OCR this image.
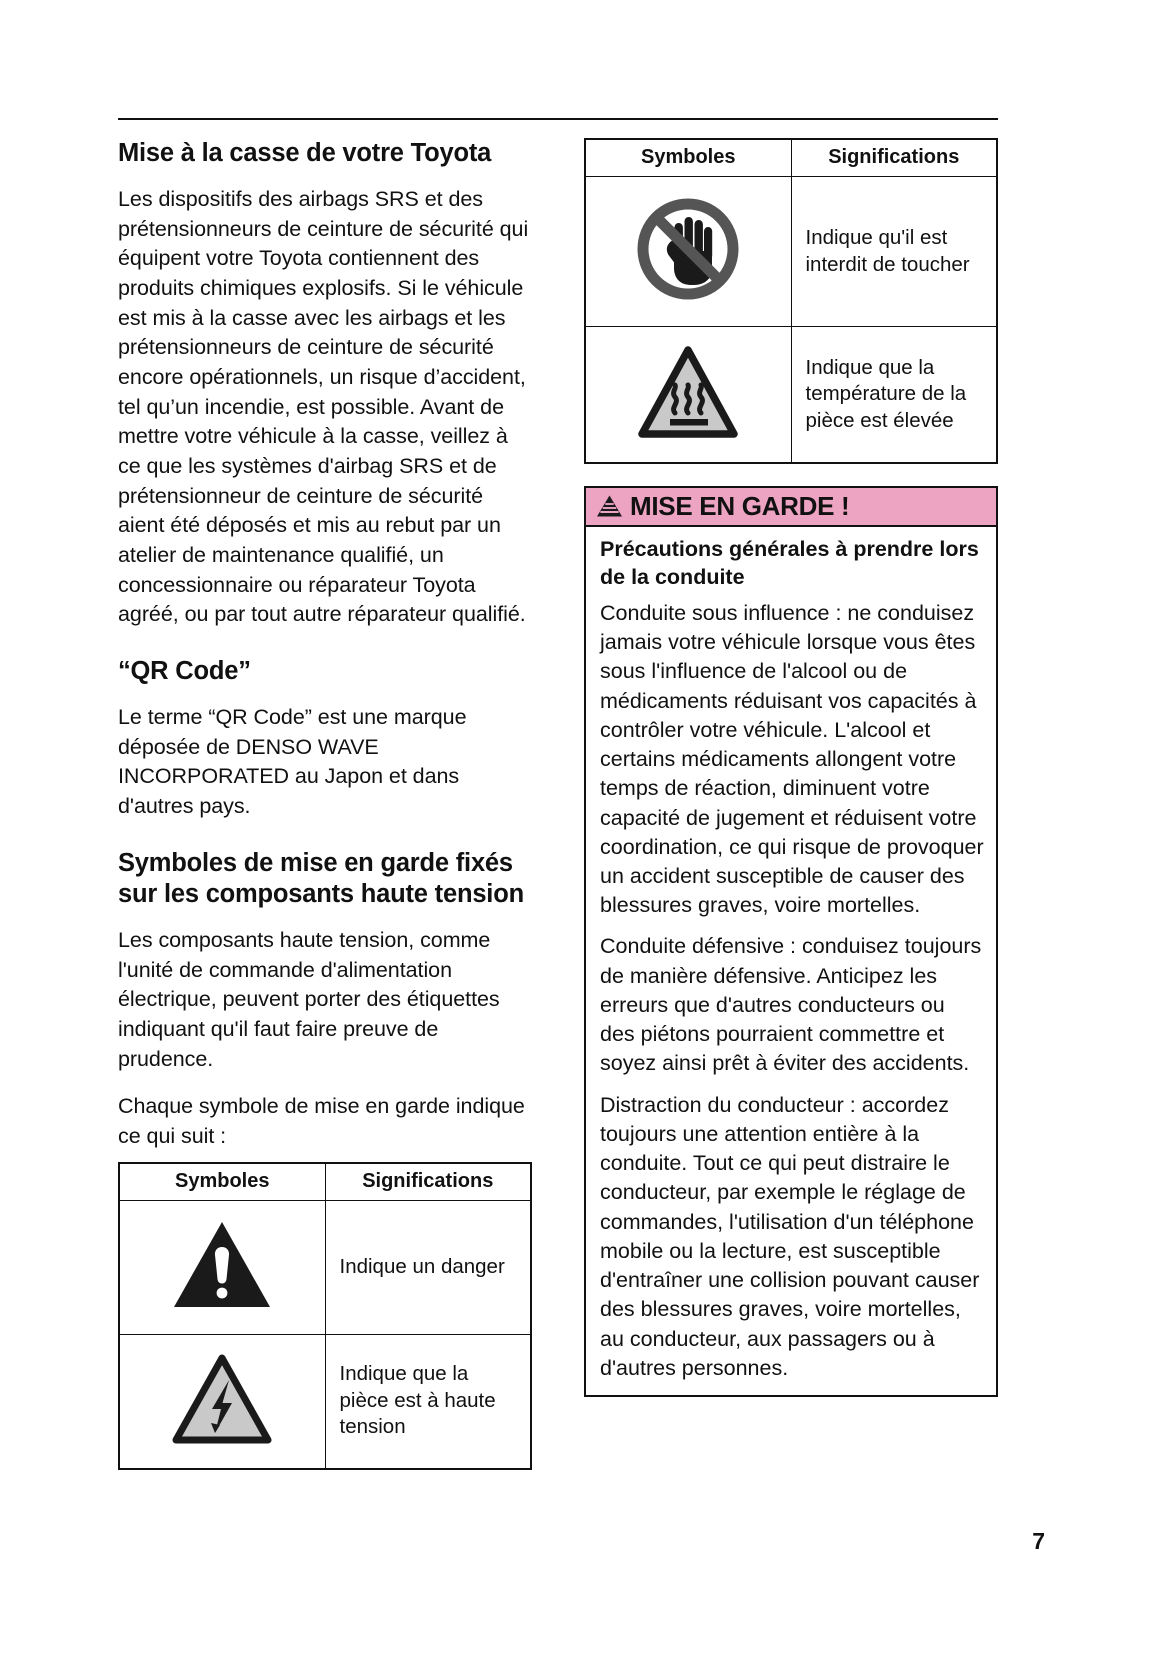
Mise à la casse de votre Toyota

Les dispositifs des airbags SRS et des prétensionneurs de ceinture de sécurité qui équipent votre Toyota contiennent des produits chimiques explosifs. Si le véhicule est mis à la casse avec les airbags et les prétensionneurs de ceinture de sécurité encore opérationnels, un risque d’accident, tel qu’un incendie, est possible. Avant de mettre votre véhicule à la casse, veillez à ce que les systèmes d'airbag SRS et de prétensionneur de ceinture de sécurité aient été déposés et mis au rebut par un atelier de maintenance qualifié, un concessionnaire ou réparateur Toyota agréé, ou par tout autre réparateur qualifié.

“QR Code”

Le terme “QR Code” est une marque déposée de DENSO WAVE INCORPORATED au Japon et dans d'autres pays.

Symboles de mise en garde fixés sur les composants haute tension

Les composants haute tension, comme l'unité de commande d'alimentation électrique, peuvent porter des étiquettes indiquant qu'il faut faire preuve de prudence.

Chaque symbole de mise en garde indique ce qui suit :

Symboles	Significations

	Indique un danger

	Indique que la pièce est à haute tension
Symboles	Significations

	Indique qu'il est interdit de toucher

	Indique que la température de la pièce est élevée
MISE EN GARDE !
Précautions générales à prendre lors de la conduite

Conduite sous influence : ne conduisez jamais votre véhicule lorsque vous êtes sous l'influence de l'alcool ou de médicaments réduisant vos capacités à contrôler votre véhicule. L'alcool et certains médicaments allongent votre temps de réaction, diminuent votre capacité de jugement et réduisent votre coordination, ce qui risque de provoquer un accident susceptible de causer des blessures graves, voire mortelles.

Conduite défensive : conduisez toujours de manière défensive. Anticipez les erreurs que d'autres conducteurs ou des piétons pourraient commettre et soyez ainsi prêt à éviter des accidents.

Distraction du conducteur : accordez toujours une attention entière à la conduite. Tout ce qui peut distraire le conducteur, par exemple le réglage de commandes, l'utilisation d'un téléphone mobile ou la lecture, est susceptible d'entraîner une collision pouvant causer des blessures graves, voire mortelles, au conducteur, aux passagers ou à d'autres personnes.

7
